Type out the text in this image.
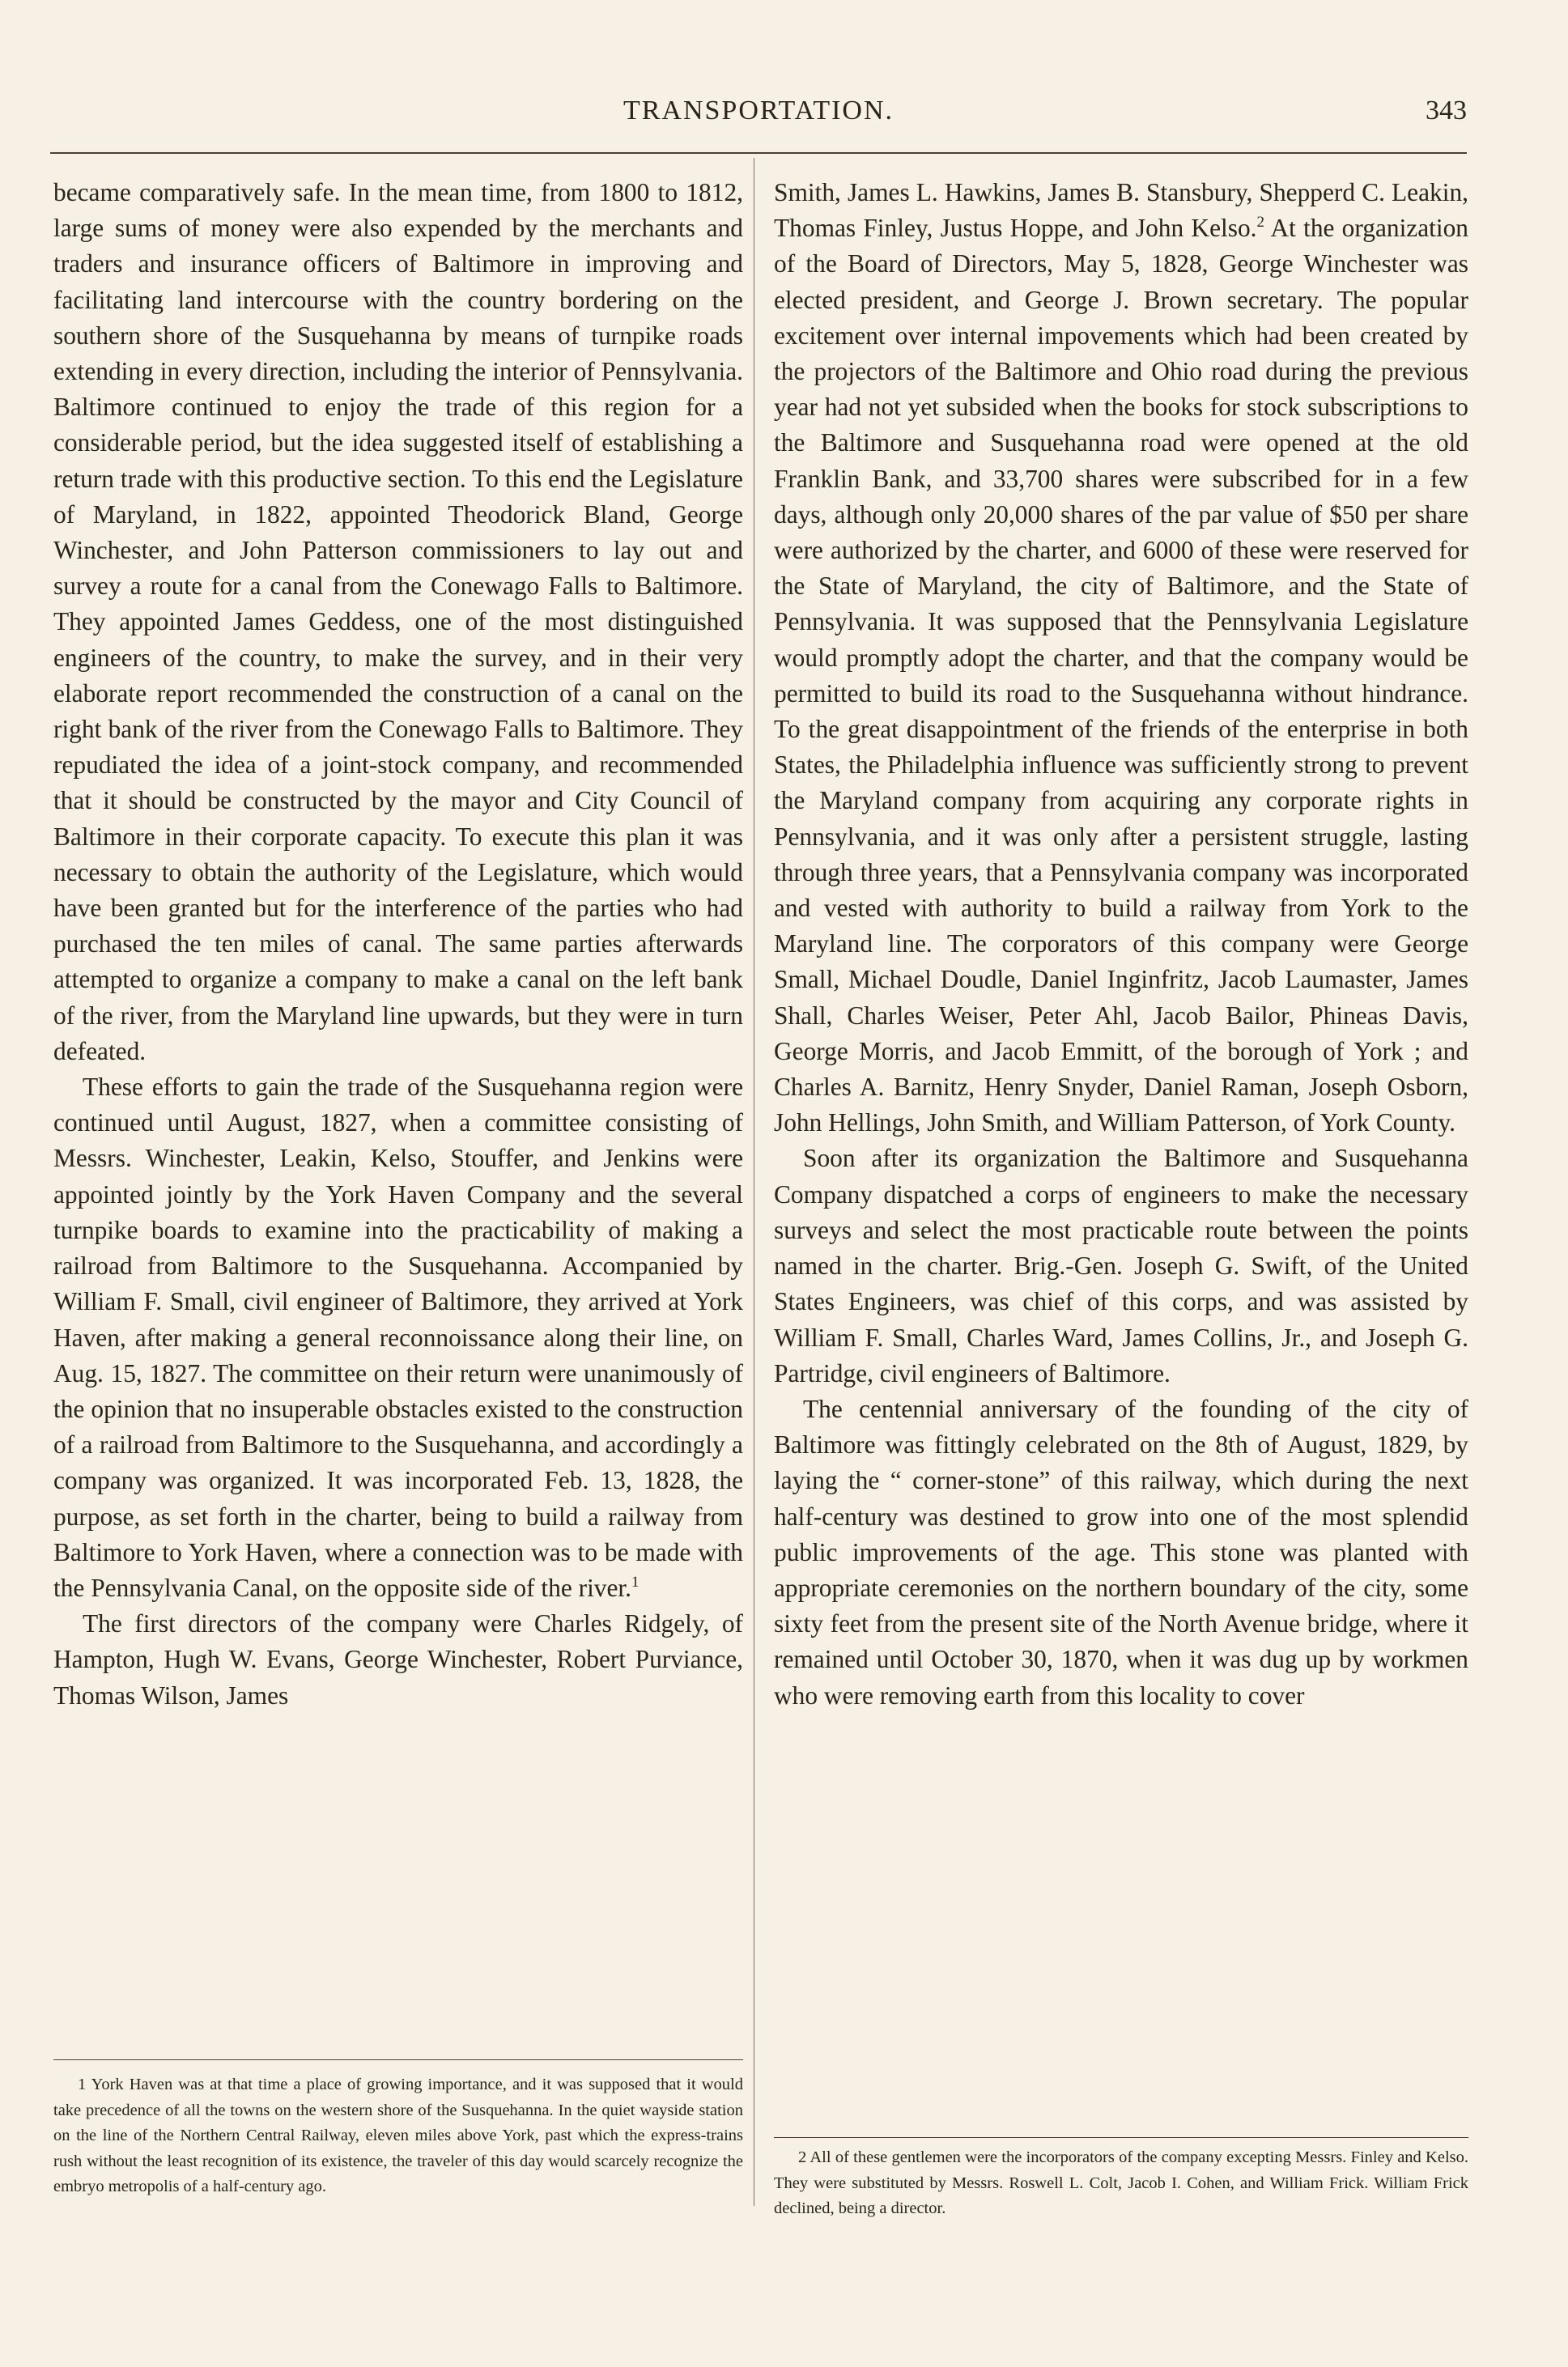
TRANSPORTATION.	343

became comparatively safe. In the mean time, from 1800 to 1812, large sums of money were also expended by the merchants and traders and insurance officers of Baltimore in improving and facilitating land intercourse with the country bordering on the southern shore of the Susquehanna by means of turnpike roads extending in every direction, including the interior of Pennsylvania. Baltimore continued to enjoy the trade of this region for a considerable period, but the idea suggested itself of establishing a return trade with this productive section. To this end the Legislature of Maryland, in 1822, appointed Theodorick Bland, George Winchester, and John Patterson commissioners to lay out and survey a route for a canal from the Conewago Falls to Baltimore. They appointed James Geddess, one of the most distinguished engineers of the country, to make the survey, and in their very elaborate report recommended the construction of a canal on the right bank of the river from the Conewago Falls to Baltimore. They repudiated the idea of a joint-stock company, and recommended that it should be constructed by the mayor and City Council of Baltimore in their corporate capacity. To execute this plan it was necessary to obtain the authority of the Legislature, which would have been granted but for the interference of the parties who had purchased the ten miles of canal. The same parties afterwards attempted to organize a company to make a canal on the left bank of the river, from the Maryland line upwards, but they were in turn defeated.

These efforts to gain the trade of the Susquehanna region were continued until August, 1827, when a committee consisting of Messrs. Winchester, Leakin, Kelso, Stouffer, and Jenkins were appointed jointly by the York Haven Company and the several turnpike boards to examine into the practicability of making a railroad from Baltimore to the Susquehanna. Accompanied by William F. Small, civil engineer of Baltimore, they arrived at York Haven, after making a general reconnoissance along their line, on Aug. 15, 1827. The committee on their return were unanimously of the opinion that no insuperable obstacles existed to the construction of a railroad from Baltimore to the Susquehanna, and accordingly a company was organized. It was incorporated Feb. 13, 1828, the purpose, as set forth in the charter, being to build a railway from Baltimore to York Haven, where a connection was to be made with the Pennsylvania Canal, on the opposite side of the river.$^1$

The first directors of the company were Charles Ridgely, of Hampton, Hugh W. Evans, George Winchester, Robert Purviance, Thomas Wilson, James

Smith, James L. Hawkins, James B. Stansbury, Shepperd C. Leakin, Thomas Finley, Justus Hoppe, and John Kelso.$^2$ At the organization of the Board of Directors, May 5, 1828, George Winchester was elected president, and George J. Brown secretary. The popular excitement over internal impovements which had been created by the projectors of the Baltimore and Ohio road during the previous year had not yet subsided when the books for stock subscriptions to the Baltimore and Susquehanna road were opened at the old Franklin Bank, and 33,700 shares were subscribed for in a few days, although only 20,000 shares of the par value of $50 per share were authorized by the charter, and 6000 of these were reserved for the State of Maryland, the city of Baltimore, and the State of Pennsylvania. It was supposed that the Pennsylvania Legislature would promptly adopt the charter, and that the company would be permitted to build its road to the Susquehanna without hindrance. To the great disappointment of the friends of the enterprise in both States, the Philadelphia influence was sufficiently strong to prevent the Maryland company from acquiring any corporate rights in Pennsylvania, and it was only after a persistent struggle, lasting through three years, that a Pennsylvania company was incorporated and vested with authority to build a railway from York to the Maryland line. The corporators of this company were George Small, Michael Doudle, Daniel Inginfritz, Jacob Laumaster, James Shall, Charles Weiser, Peter Ahl, Jacob Bailor, Phineas Davis, George Morris, and Jacob Emmitt, of the borough of York ; and Charles A. Barnitz, Henry Snyder, Daniel Raman, Joseph Osborn, John Hellings, John Smith, and William Patterson, of York County.

Soon after its organization the Baltimore and Susquehanna Company dispatched a corps of engineers to make the necessary surveys and select the most practicable route between the points named in the charter. Brig.-Gen. Joseph G. Swift, of the United States Engineers, was chief of this corps, and was assisted by William F. Small, Charles Ward, James Collins, Jr., and Joseph G. Partridge, civil engineers of Baltimore.

The centennial anniversary of the founding of the city of Baltimore was fittingly celebrated on the 8th of August, 1829, by laying the “ corner-stone” of this railway, which during the next half-century was destined to grow into one of the most splendid public improvements of the age. This stone was planted with appropriate ceremonies on the northern boundary of the city, some sixty feet from the present site of the North Avenue bridge, where it remained until October 30, 1870, when it was dug up by workmen who were removing earth from this locality to cover

1 York Haven was at that time a place of growing importance, and it was supposed that it would take precedence of all the towns on the western shore of the Susquehanna. In the quiet wayside station on the line of the Northern Central Railway, eleven miles above York, past which the express-trains rush without the least recognition of its existence, the traveler of this day would scarcely recognize the embryo metropolis of a half-century ago.

2 All of these gentlemen were the incorporators of the company excepting Messrs. Finley and Kelso. They were substituted by Messrs. Roswell L. Colt, Jacob I. Cohen, and William Frick. William Frick declined, being a director.
